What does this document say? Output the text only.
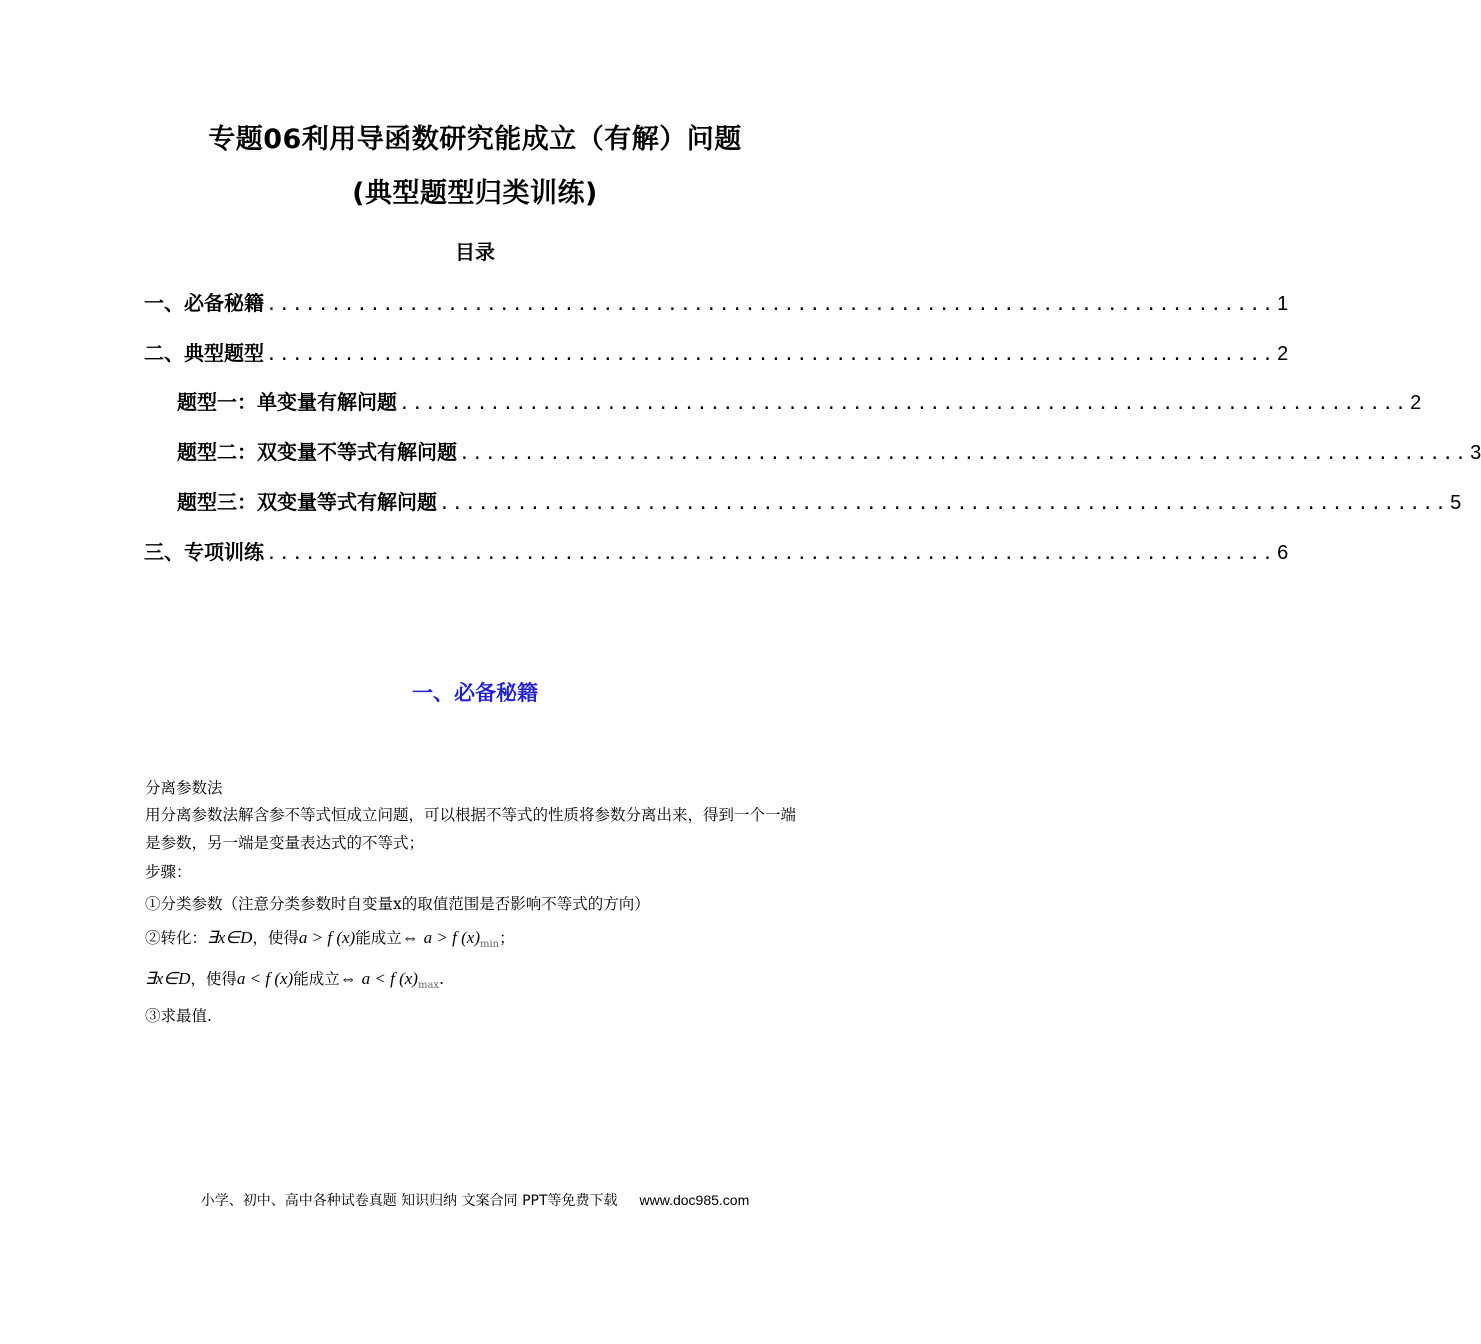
专题06利用导函数研究能成立（有解）问题
(典型题型归类训练)
目录
一、必备秘籍 .............................................................................. 1
二、典型题型 .............................................................................. 2
题型一：单变量有解问题 .............................................................................. 2
题型二：双变量不等式有解问题 .............................................................................. 3
题型三：双变量等式有解问题 .............................................................................. 5
三、专项训练 .............................................................................. 6
一、必备秘籍
分离参数法
用分离参数法解含参不等式恒成立问题，可以根据不等式的性质将参数分离出来，得到一个一端是参数，另一端是变量表达式的不等式；
步骤：
①分类参数（注意分类参数时自变量x的取值范围是否影响不等式的方向）
②转化：∃x∈D，使得a > f (x)能成立⇔ a > f $(x)_{min}$；
∃x∈D，使得a < f (x)能成立⇔ a < f $(x)_{max}$.
③求最值.
小学、初中、高中各种试卷真题 知识归纳 文案合同 PPT等免费下载 www.doc985.com
